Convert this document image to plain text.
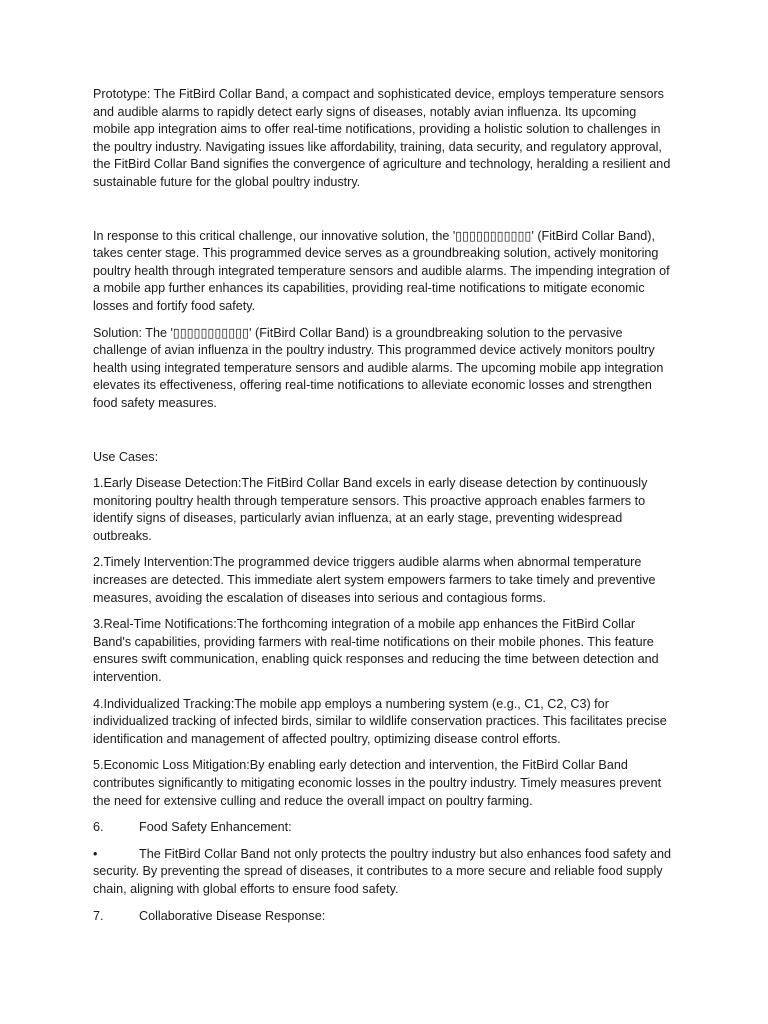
Prototype: The FitBird Collar Band, a compact and sophisticated device, employs temperature sensors and audible alarms to rapidly detect early signs of diseases, notably avian influenza. Its upcoming mobile app integration aims to offer real-time notifications, providing a holistic solution to challenges in the poultry industry. Navigating issues like affordability, training, data security, and regulatory approval, the FitBird Collar Band signifies the convergence of agriculture and technology, heralding a resilient and sustainable future for the global poultry industry.

In response to this critical challenge, our innovative solution, the '▯▯▯▯▯▯▯▯▯▯▯' (FitBird Collar Band), takes center stage. This programmed device serves as a groundbreaking solution, actively monitoring poultry health through integrated temperature sensors and audible alarms. The impending integration of a mobile app further enhances its capabilities, providing real-time notifications to mitigate economic losses and fortify food safety.

Solution: The '▯▯▯▯▯▯▯▯▯▯▯' (FitBird Collar Band) is a groundbreaking solution to the pervasive challenge of avian influenza in the poultry industry. This programmed device actively monitors poultry health using integrated temperature sensors and audible alarms. The upcoming mobile app integration elevates its effectiveness, offering real-time notifications to alleviate economic losses and strengthen food safety measures.

Use Cases:

1.Early Disease Detection:The FitBird Collar Band excels in early disease detection by continuously monitoring poultry health through temperature sensors. This proactive approach enables farmers to identify signs of diseases, particularly avian influenza, at an early stage, preventing widespread outbreaks.

2.Timely Intervention:The programmed device triggers audible alarms when abnormal temperature increases are detected. This immediate alert system empowers farmers to take timely and preventive measures, avoiding the escalation of diseases into serious and contagious forms.

3.Real-Time Notifications:The forthcoming integration of a mobile app enhances the FitBird Collar Band's capabilities, providing farmers with real-time notifications on their mobile phones. This feature ensures swift communication, enabling quick responses and reducing the time between detection and intervention.

4.Individualized Tracking:The mobile app employs a numbering system (e.g., C1, C2, C3) for individualized tracking of infected birds, similar to wildlife conservation practices. This facilitates precise identification and management of affected poultry, optimizing disease control efforts.

5.Economic Loss Mitigation:By enabling early detection and intervention, the FitBird Collar Band contributes significantly to mitigating economic losses in the poultry industry. Timely measures prevent the need for extensive culling and reduce the overall impact on poultry farming.

6.	Food Safety Enhancement:

•	The FitBird Collar Band not only protects the poultry industry but also enhances food safety and security. By preventing the spread of diseases, it contributes to a more secure and reliable food supply chain, aligning with global efforts to ensure food safety.

7.	Collaborative Disease Response:
